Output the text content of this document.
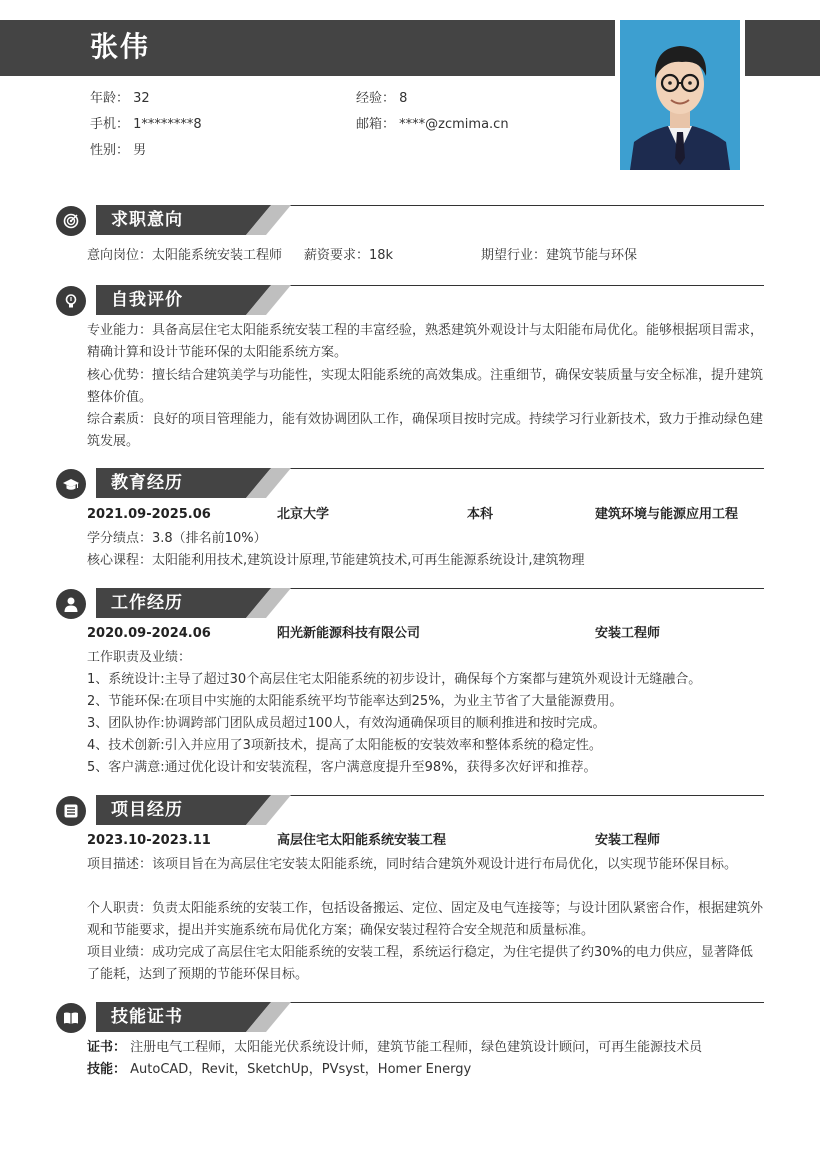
张伟
年龄： 32	经验： 8
手机： 1********8	邮箱： ****@zcmima.cn
性别： 男
求职意向
意向岗位：太阳能系统安装工程师 薪资要求：18k	期望行业：建筑节能与环保
自我评价
专业能力：具备高层住宅太阳能系统安装工程的丰富经验，熟悉建筑外观设计与太阳能布局优化。能够根据项目需求，精确计算和设计节能环保的太阳能系统方案。
核心优势：擅长结合建筑美学与功能性，实现太阳能系统的高效集成。注重细节，确保安装质量与安全标准，提升建筑整体价值。
综合素质：良好的项目管理能力，能有效协调团队工作，确保项目按时完成。持续学习行业新技术，致力于推动绿色建筑发展。
教育经历
2021.09-2025.06	北京大学	本科	建筑环境与能源应用工程
学分绩点：3.8（排名前10%）
核心课程：太阳能利用技术,建筑设计原理,节能建筑技术,可再生能源系统设计,建筑物理
工作经历
2020.09-2024.06	阳光新能源科技有限公司	安装工程师
工作职责及业绩：
1、系统设计:主导了超过30个高层住宅太阳能系统的初步设计，确保每个方案都与建筑外观设计无缝融合。
2、节能环保:在项目中实施的太阳能系统平均节能率达到25%，为业主节省了大量能源费用。
3、团队协作:协调跨部门团队成员超过100人，有效沟通确保项目的顺利推进和按时完成。
4、技术创新:引入并应用了3项新技术，提高了太阳能板的安装效率和整体系统的稳定性。
5、客户满意:通过优化设计和安装流程，客户满意度提升至98%，获得多次好评和推荐。
项目经历
2023.10-2023.11	高层住宅太阳能系统安装工程	安装工程师
项目描述：该项目旨在为高层住宅安装太阳能系统，同时结合建筑外观设计进行布局优化，以实现节能环保目标。
个人职责：负责太阳能系统的安装工作，包括设备搬运、定位、固定及电气连接等；与设计团队紧密合作，根据建筑外观和节能要求，提出并实施系统布局优化方案；确保安装过程符合安全规范和质量标准。
项目业绩：成功完成了高层住宅太阳能系统的安装工程，系统运行稳定，为住宅提供了约30%的电力供应，显著降低了能耗，达到了预期的节能环保目标。
技能证书
证书： 注册电气工程师，太阳能光伏系统设计师，建筑节能工程师，绿色建筑设计顾问，可再生能源技术员
技能： AutoCAD，Revit，SketchUp，PVsyst，Homer Energy
